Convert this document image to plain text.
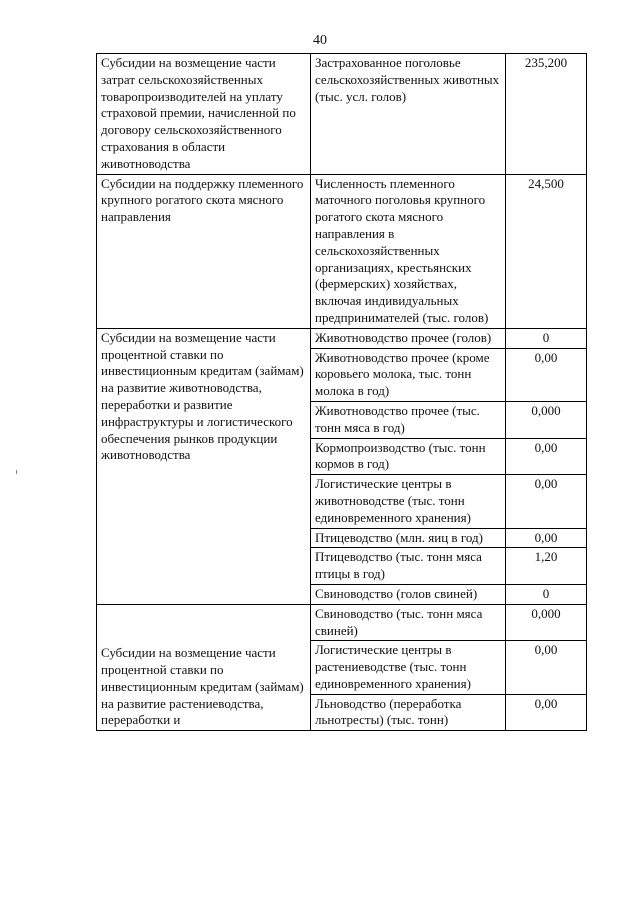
40
Субсидии на возмещение части затрат сельскохозяйственных товаропроизводителей на уплату страховой премии, начисленной по договору сельскохозяйственного страхования в области животноводства	Застрахованное поголовье сельскохозяйственных животных (тыс. усл. голов)	235,200
Субсидии на поддержку племенного крупного рогатого скота мясного направления	Численность племенного маточного поголовья крупного рогатого скота мясного направления в сельскохозяйственных организациях, крестьянских (фермерских) хозяйствах, включая индивидуальных предпринимателей (тыс. голов)	24,500
Субсидии на возмещение части процентной ставки по инвестиционным кредитам (займам) на развитие животноводства, переработки и развитие инфраструктуры и логистического обеспечения рынков продукции животноводства	Животноводство прочее (голов)	0
	Животноводство прочее (кроме коровьего молока, тыс. тонн молока в год)	0,00
	Животноводство прочее (тыс. тонн мяса в год)	0,000
	Кормопроизводство (тыс. тонн кормов в год)	0,00
	Логистические центры в животноводстве (тыс. тонн единовременного хранения)	0,00
	Птицеводство (млн. яиц в год)	0,00
	Птицеводство (тыс. тонн мяса птицы в год)	1,20
	Свиноводство (голов свиней)	0
Субсидии на возмещение части процентной ставки по инвестиционным кредитам (займам) на развитие растениеводства, переработки и	Свиноводство (тыс. тонн мяса свиней)	0,000
	Логистические центры в растениеводстве (тыс. тонн единовременного хранения)	0,00
	Льноводство (переработка льнотресты) (тыс. тонн)	0,00
